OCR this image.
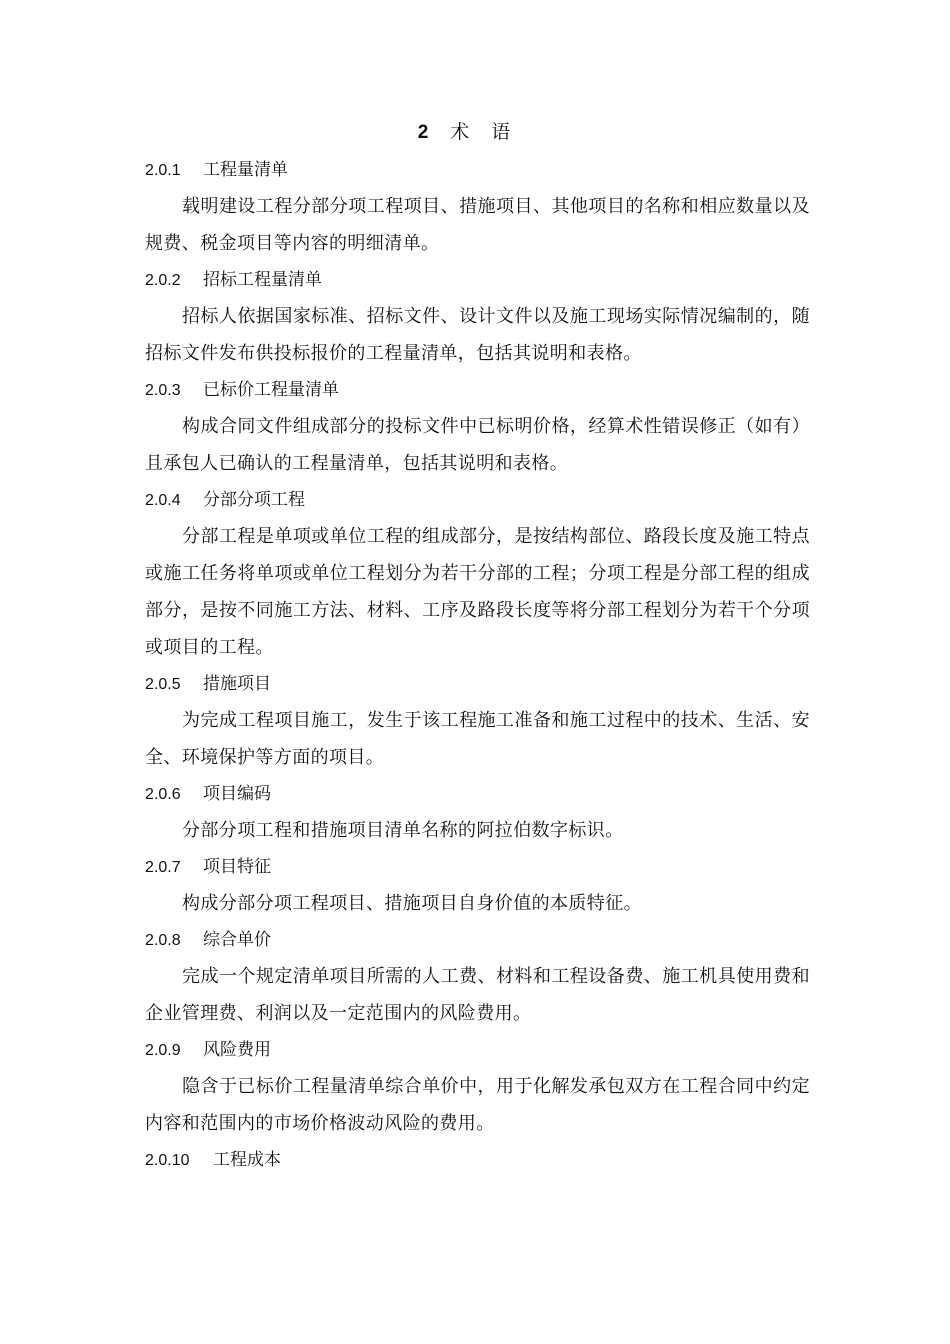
2 术语
2.0.1 工程量清单

载明建设工程分部分项工程项目、措施项目、其他项目的名称和相应数量以及规费、税金项目等内容的明细清单。

2.0.2 招标工程量清单

招标人依据国家标准、招标文件、设计文件以及施工现场实际情况编制的，随招标文件发布供投标报价的工程量清单，包括其说明和表格。

2.0.3 已标价工程量清单

构成合同文件组成部分的投标文件中已标明价格，经算术性错误修正（如有）且承包人已确认的工程量清单，包括其说明和表格。

2.0.4 分部分项工程

分部工程是单项或单位工程的组成部分，是按结构部位、路段长度及施工特点或施工任务将单项或单位工程划分为若干分部的工程；分项工程是分部工程的组成部分，是按不同施工方法、材料、工序及路段长度等将分部工程划分为若干个分项或项目的工程。

2.0.5 措施项目

为完成工程项目施工，发生于该工程施工准备和施工过程中的技术、生活、安全、环境保护等方面的项目。

2.0.6 项目编码

分部分项工程和措施项目清单名称的阿拉伯数字标识。

2.0.7 项目特征

构成分部分项工程项目、措施项目自身价值的本质特征。

2.0.8 综合单价

完成一个规定清单项目所需的人工费、材料和工程设备费、施工机具使用费和企业管理费、利润以及一定范围内的风险费用。

2.0.9 风险费用

隐含于已标价工程量清单综合单价中，用于化解发承包双方在工程合同中约定内容和范围内的市场价格波动风险的费用。

2.0.10 工程成本
